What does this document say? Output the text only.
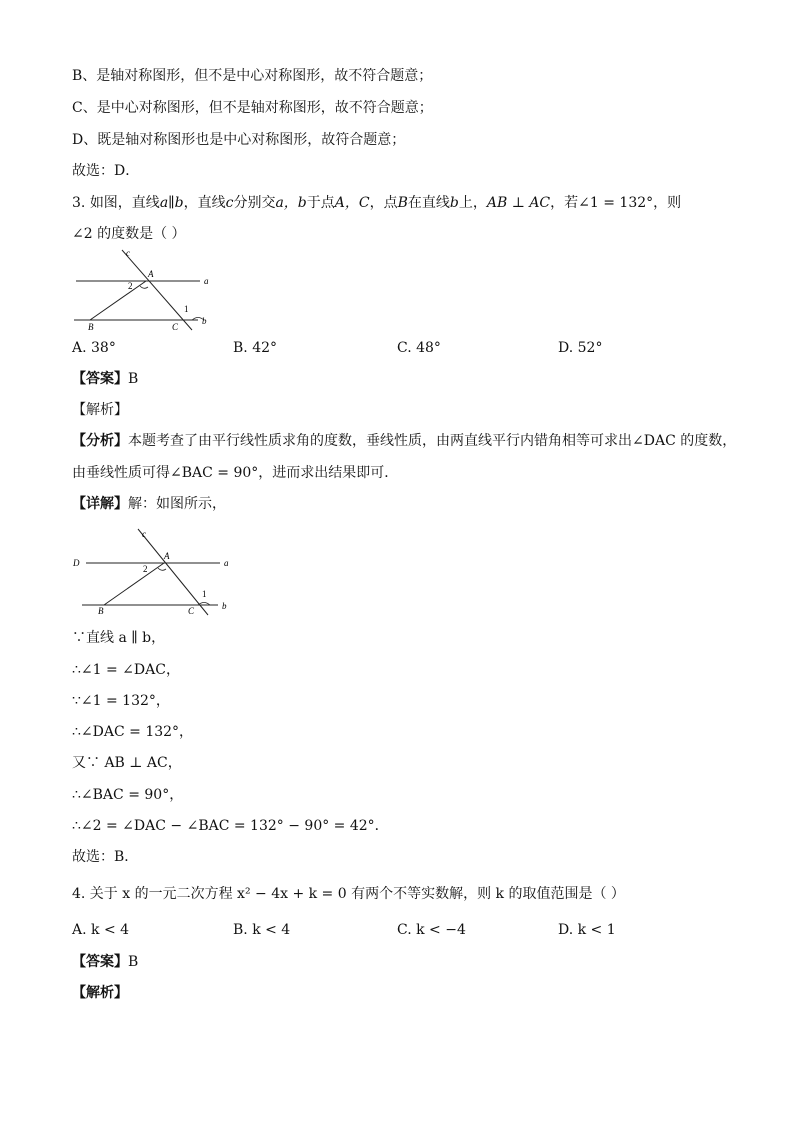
B、是轴对称图形，但不是中心对称图形，故不符合题意；
C、是中心对称图形，但不是轴对称图形，故不符合题意；
D、既是轴对称图形也是中心对称图形，故符合题意；
故选：D．
3. 如图，直线a∥b，直线c分别交a，b于点A，C，点B在直线b上，AB ⊥ AC，若∠1 = 132°，则
∠2 的度数是（ ）
c
A
a
2
1
B	C
b
A. 38°	B. 42°	C. 48°	D. 52°
【答案】B
【解析】
【分析】本题考查了由平行线性质求角的度数，垂线性质，由两直线平行内错角相等可求出∠DAC 的度数，
由垂线性质可得∠BAC = 90°，进而求出结果即可．
【详解】解：如图所示，
c
D
A
a
2
1
B	C	b
∵直线 a ∥ b，
∴∠1 = ∠DAC，
∵∠1 = 132°，
∴∠DAC = 132°，
又∵ AB ⊥ AC，
∴∠BAC = 90°，
∴∠2 = ∠DAC − ∠BAC = 132° − 90° = 42°．
故选：B．
4. 关于 x 的一元二次方程 x² − 4x + k = 0 有两个不等实数解，则 k 的取值范围是（ ）
A. k < 4	B. k < 4	C. k < −4	D. k < 1
【答案】B
【解析】
